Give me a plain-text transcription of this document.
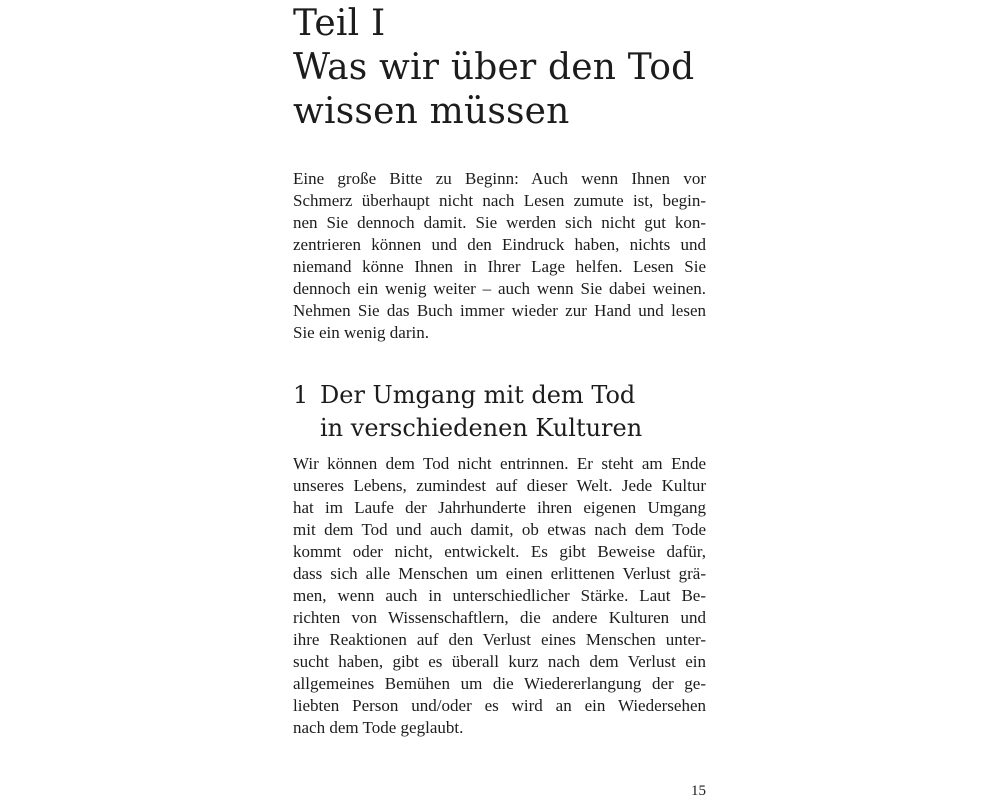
Teil I
Was wir über den Tod
wissen müssen

Eine große Bitte zu Beginn: Auch wenn Ihnen vor
Schmerz überhaupt nicht nach Lesen zumute ist, begin-
nen Sie dennoch damit. Sie werden sich nicht gut kon-
zentrieren können und den Eindruck haben, nichts und
niemand könne Ihnen in Ihrer Lage helfen. Lesen Sie
dennoch ein wenig weiter – auch wenn Sie dabei weinen.
Nehmen Sie das Buch immer wieder zur Hand und lesen
Sie ein wenig darin.

1 Der Umgang mit dem Tod
in verschiedenen Kulturen

Wir können dem Tod nicht entrinnen. Er steht am Ende
unseres Lebens, zumindest auf dieser Welt. Jede Kultur
hat im Laufe der Jahrhunderte ihren eigenen Umgang
mit dem Tod und auch damit, ob etwas nach dem Tode
kommt oder nicht, entwickelt. Es gibt Beweise dafür,
dass sich alle Menschen um einen erlittenen Verlust grä-
men, wenn auch in unterschiedlicher Stärke. Laut Be-
richten von Wissenschaftlern, die andere Kulturen und
ihre Reaktionen auf den Verlust eines Menschen unter-
sucht haben, gibt es überall kurz nach dem Verlust ein
allgemeines Bemühen um die Wiedererlangung der ge-
liebten Person und/oder es wird an ein Wiedersehen
nach dem Tode geglaubt.

15
